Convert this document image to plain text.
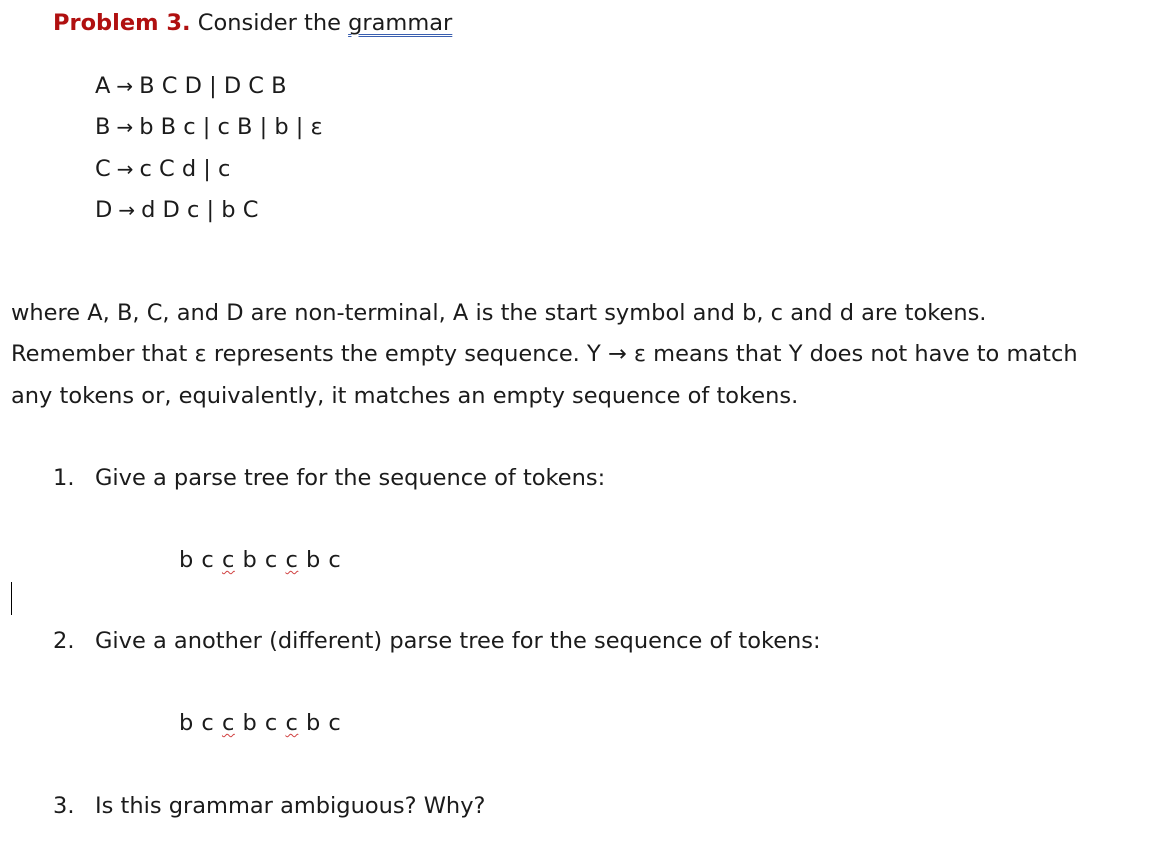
Problem 3. Consider the grammar
A → B C D | D C B
B → b B c | c B | b | ε
C → c C d | c
D → d D c | b C
where A, B, C, and D are non-terminal, A is the start symbol and b, c and d are tokens.
Remember that ε represents the empty sequence. Y → ε means that Y does not have to match
any tokens or, equivalently, it matches an empty sequence of tokens.
1. Give a parse tree for the sequence of tokens:
b c c b c c b c
2. Give a another (different) parse tree for the sequence of tokens:
b c c b c c b c
3. Is this grammar ambiguous? Why?
